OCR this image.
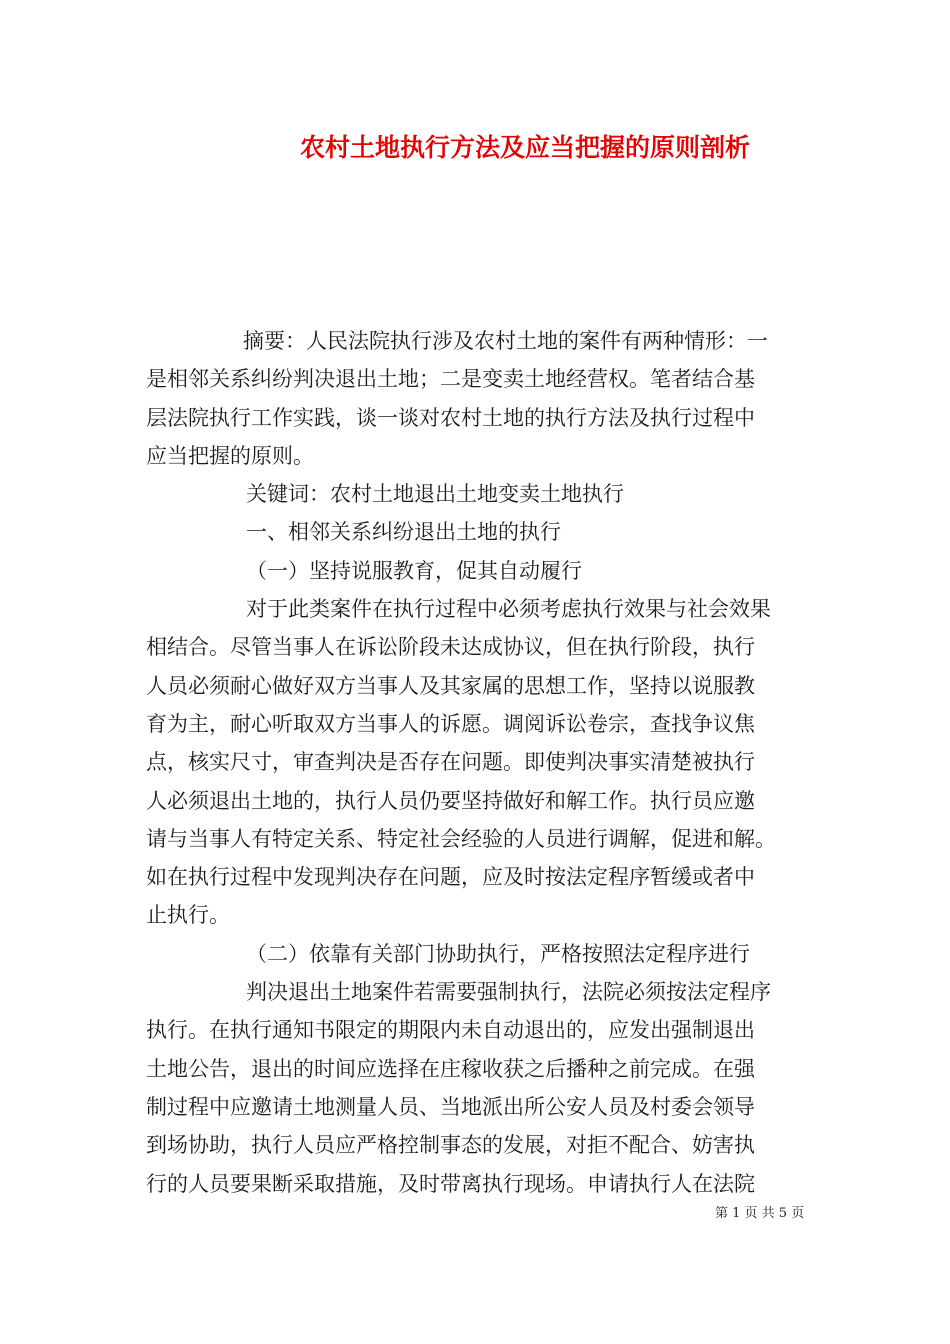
农村土地执行方法及应当把握的原则剖析
摘要：人民法院执行涉及农村土地的案件有两种情形：一
是相邻关系纠纷判决退出土地；二是变卖土地经营权。笔者结合基
层法院执行工作实践，谈一谈对农村土地的执行方法及执行过程中
应当把握的原则。
关键词：农村土地退出土地变卖土地执行
一、相邻关系纠纷退出土地的执行
（一）坚持说服教育，促其自动履行
对于此类案件在执行过程中必须考虑执行效果与社会效果
相结合。尽管当事人在诉讼阶段未达成协议，但在执行阶段，执行
人员必须耐心做好双方当事人及其家属的思想工作，坚持以说服教
育为主，耐心听取双方当事人的诉愿。调阅诉讼卷宗，查找争议焦
点，核实尺寸，审查判决是否存在问题。即使判决事实清楚被执行
人必须退出土地的，执行人员仍要坚持做好和解工作。执行员应邀
请与当事人有特定关系、特定社会经验的人员进行调解，促进和解。
如在执行过程中发现判决存在问题，应及时按法定程序暂缓或者中
止执行。
（二）依靠有关部门协助执行，严格按照法定程序进行
判决退出土地案件若需要强制执行，法院必须按法定程序
执行。在执行通知书限定的期限内未自动退出的，应发出强制退出
土地公告，退出的时间应选择在庄稼收获之后播种之前完成。在强
制过程中应邀请土地测量人员、当地派出所公安人员及村委会领导
到场协助，执行人员应严格控制事态的发展，对拒不配合、妨害执
行的人员要果断采取措施，及时带离执行现场。申请执行人在法院
第 1 页 共 5 页
